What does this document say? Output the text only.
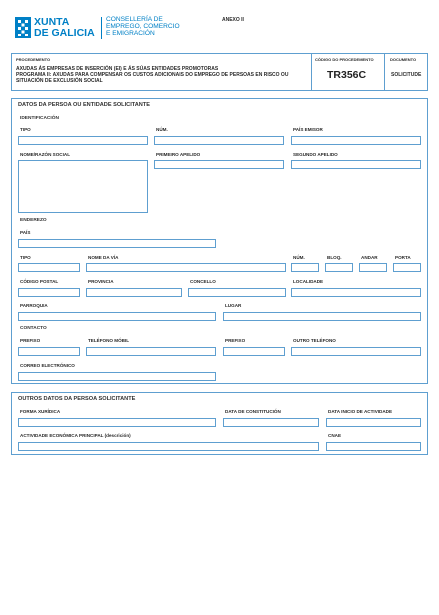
XUNTA
DE GALICIA
CONSELLERÍA DE
EMPREGO, COMERCIO
E EMIGRACIÓN
ANEXO II
PROCEDEMENTO
AXUDAS ÁS EMPRESAS DE INSERCIÓN (EI) E ÁS SÚAS ENTIDADES PROMOTORAS
PROGRAMA II: AXUDAS PARA COMPENSAR OS CUSTOS ADICIONAIS DO EMPREGO DE PERSOAS EN RISCO OU
SITUACIÓN DE EXCLUSIÓN SOCIAL
CÓDIGO DO PROCEDEMENTO
TR356C
DOCUMENTO
SOLICITUDE
DATOS DA PERSOA OU ENTIDADE SOLICITANTE
IDENTIFICACIÓN
TIPO	NÚM.	PAÍS EMISOR
NOME/RAZÓN SOCIAL	PRIMEIRO APELIDO	SEGUNDO APELIDO
ENDEREZO
PAÍS
TIPO	NOME DA VÍA	NÚM.	BLOQ.	ANDAR	PORTA
CÓDIGO POSTAL	PROVINCIA	CONCELLO	LOCALIDADE
PARROQUIA	LUGAR
CONTACTO
PREFIXO	TELÉFONO MÓBIL	PREFIXO	OUTRO TELÉFONO
CORREO ELECTRÓNICO
OUTROS DATOS DA PERSOA SOLICITANTE
FORMA XURÍDICA	DATA DE CONSTITUCIÓN	DATA INICIO DE ACTIVIDADE
ACTIVIDADE ECONÓMICA PRINCIPAL (descrición)	CNAE
